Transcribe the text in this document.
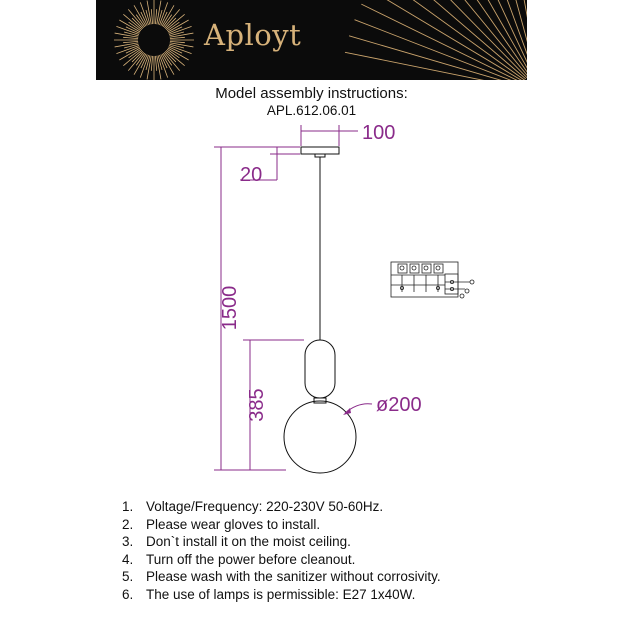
Aployt
Model assembly instructions:
APL.612.06.01
100
20
1500
385	ø200
1. Voltage/Frequency: 220-230V 50-60Hz.
2. Please wear gloves to install.
3. Don`t install it on the moist ceiling.
4. Turn off the power before cleanout.
5. Please wash with the sanitizer without corrosivity.
6. The use of lamps is permissible: E27 1x40W.
